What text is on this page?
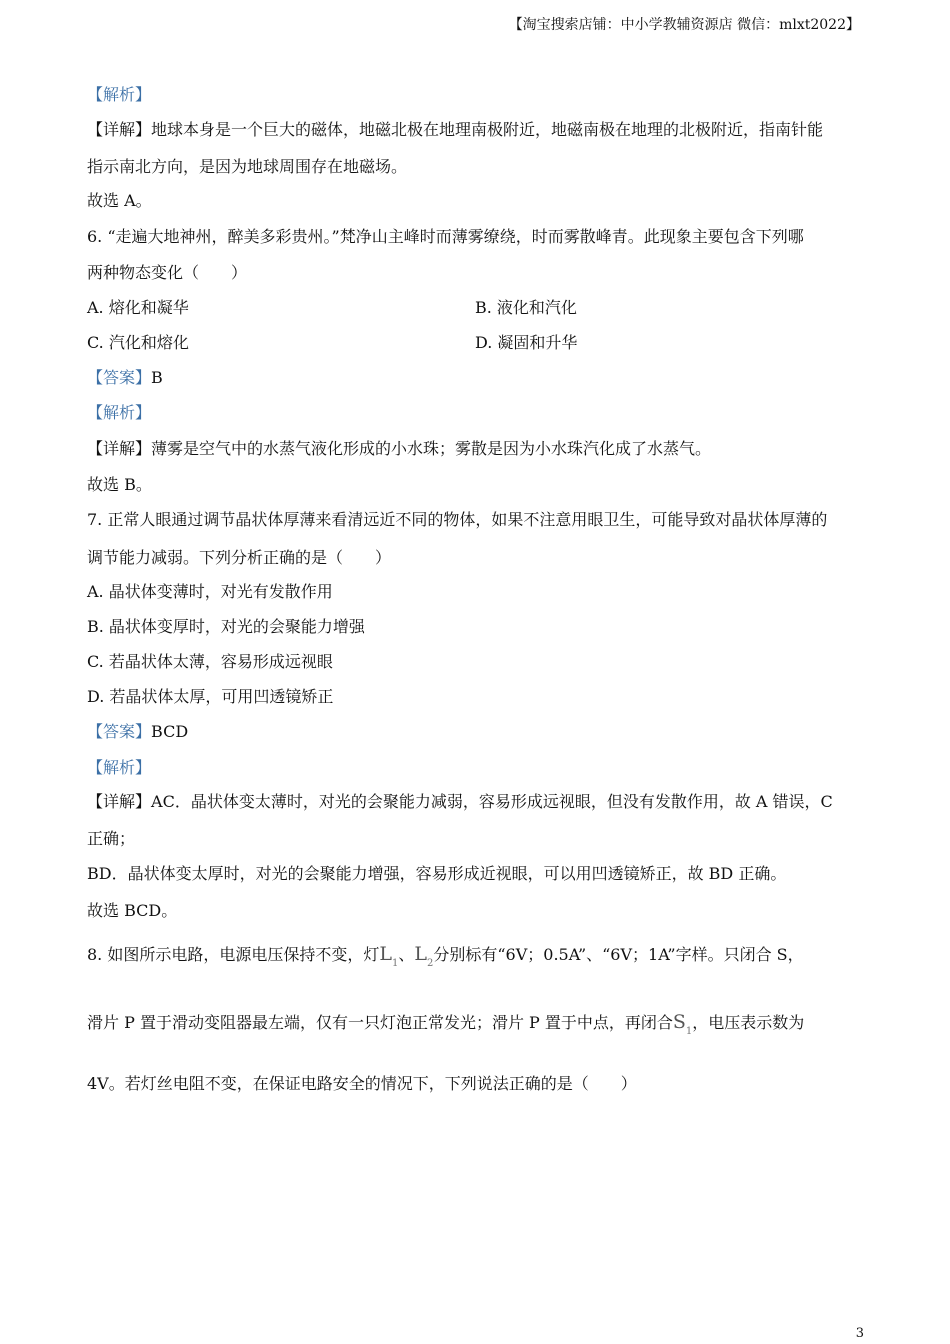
【淘宝搜索店铺：中小学教辅资源店 微信：mlxt2022】
【解析】
【详解】地球本身是一个巨大的磁体，地磁北极在地理南极附近，地磁南极在地理的北极附近，指南针能
指示南北方向，是因为地球周围存在地磁场。
故选 A。
6. “走遍大地神州，醉美多彩贵州。”梵净山主峰时而薄雾缭绕，时而雾散峰青。此现象主要包含下列哪
两种物态变化（　　）
A. 熔化和凝华	B. 液化和汽化
C. 汽化和熔化	D. 凝固和升华
【答案】B
【解析】
【详解】薄雾是空气中的水蒸气液化形成的小水珠；雾散是因为小水珠汽化成了水蒸气。
故选 B。
7. 正常人眼通过调节晶状体厚薄来看清远近不同的物体，如果不注意用眼卫生，可能导致对晶状体厚薄的
调节能力减弱。下列分析正确的是（　　）
A. 晶状体变薄时，对光有发散作用
B. 晶状体变厚时，对光的会聚能力增强
C. 若晶状体太薄，容易形成远视眼
D. 若晶状体太厚，可用凹透镜矫正
【答案】BCD
【解析】
【详解】AC．晶状体变太薄时，对光的会聚能力减弱，容易形成远视眼，但没有发散作用，故 A 错误，C
正确；
BD．晶状体变太厚时，对光的会聚能力增强，容易形成近视眼，可以用凹透镜矫正，故 BD 正确。
故选 BCD。
8. 如图所示电路，电源电压保持不变，灯$L_1$、$L_2$分别标有“6V；0.5A”、“6V；1A”字样。只闭合 S，
滑片 P 置于滑动变阻器最左端，仅有一只灯泡正常发光；滑片 P 置于中点，再闭合$S_1$，电压表示数为
4V。若灯丝电阻不变，在保证电路安全的情况下，下列说法正确的是（　　）
3
